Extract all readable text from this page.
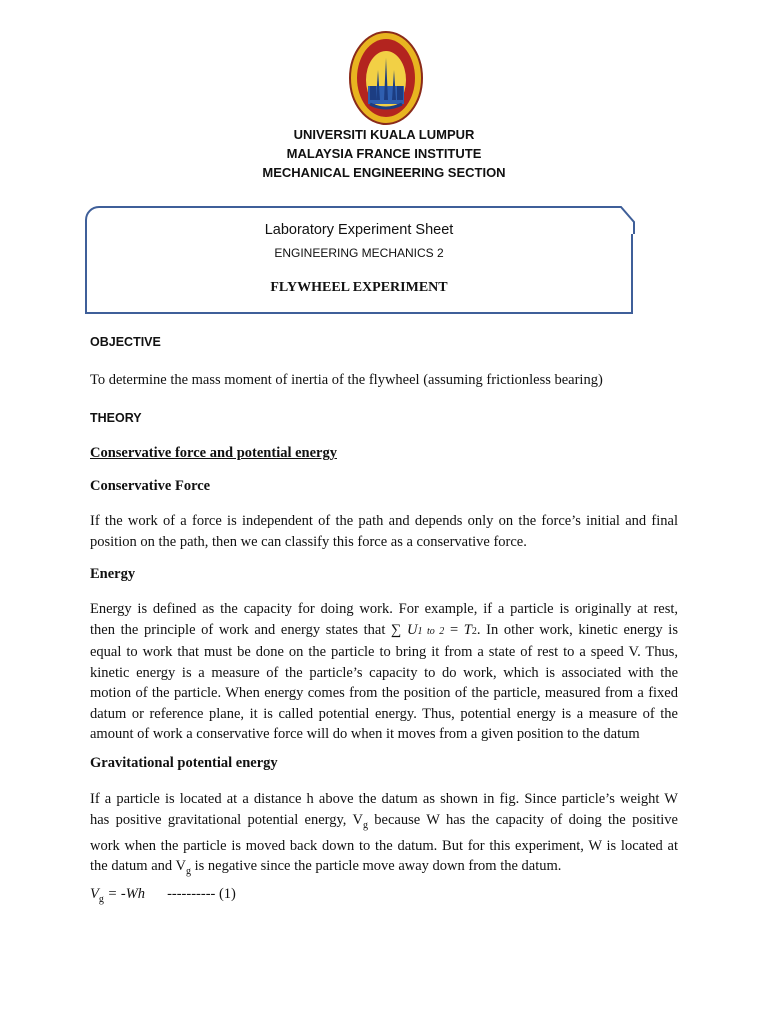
UNIVERSITI KUALA LUMPUR
MALAYSIA FRANCE INSTITUTE
MECHANICAL ENGINEERING SECTION
Laboratory Experiment Sheet
ENGINEERING MECHANICS 2
FLYWHEEL EXPERIMENT
OBJECTIVE
To determine the mass moment of inertia of the flywheel (assuming frictionless bearing)
THEORY
Conservative force and potential energy
Conservative Force
If the work of a force is independent of the path and depends only on the force’s initial and final
position on the path, then we can classify this force as a conservative force.
Energy
Energy is defined as the capacity for doing work. For example, if a particle is originally at rest,
then the principle of work and energy states that ∑ U1 to 2 = T2. In other work, kinetic energy is
equal to work that must be done on the particle to bring it from a state of rest to a speed V. Thus,
kinetic energy is a measure of the particle’s capacity to do work, which is associated with the
motion of the particle. When energy comes from the position of the particle, measured from a fixed
datum or reference plane, it is called potential energy. Thus, potential energy is a measure of the
amount of work a conservative force will do when it moves from a given position to the datum
Gravitational potential energy
If a particle is located at a distance h above the datum as shown in fig. Since particle’s weight W
has positive gravitational potential energy, $V_g$ because W has the capacity of doing the positive
work when the particle is moved back down to the datum. But for this experiment, W is located at
the datum and $V_g$ is negative since the particle move away down from the datum.
$V_g = -Wh$ ---------- (1)
